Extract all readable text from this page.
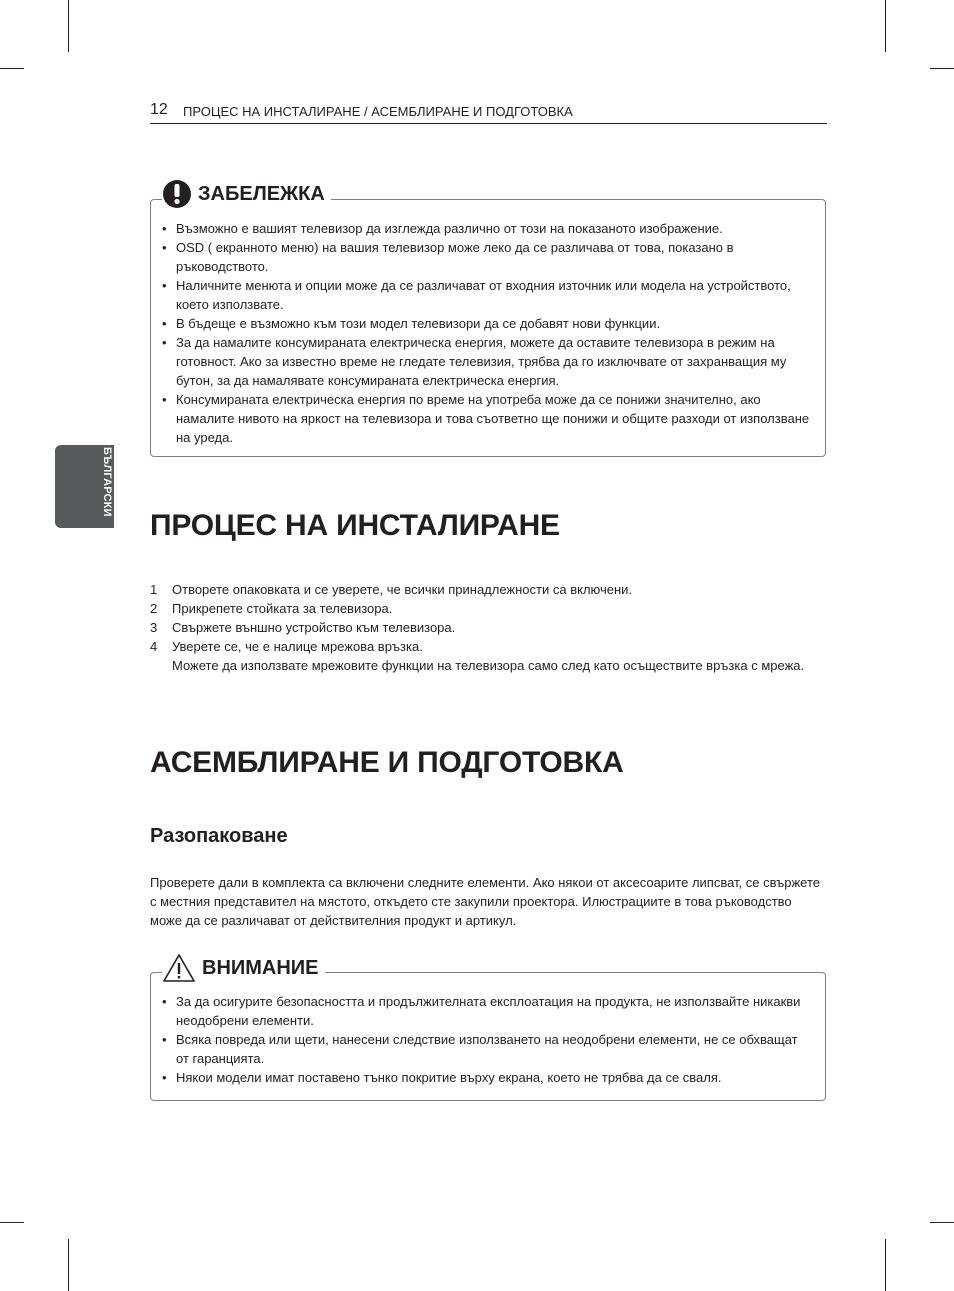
12 ПРОЦЕС НА ИНСТАЛИРАНЕ / АСЕМБЛИРАНЕ И ПОДГОТОВКА
БЪЛГАРСКИ
ЗАБЕЛЕЖКА
• Възможно е вашият телевизор да изглежда различно от този на показаното изображение.
• OSD ( екранното меню) на вашия телевизор може леко да се различава от това, показано в ръководството.
• Наличните менюта и опции може да се различават от входния източник или модела на устройството, което използвате.
• В бъдеще е възможно към този модел телевизори да се добавят нови функции.
• За да намалите консумираната електрическа енергия, можете да оставите телевизора в режим на готовност. Ако за известно време не гледате телевизия, трябва да го изключвате от захранващия му бутон, за да намалявате консумираната електрическа енергия.
• Консумираната електрическа енергия по време на употреба може да се понижи значително, ако намалите нивото на яркост на телевизора и това съответно ще понижи и общите разходи от използване на уреда.
ПРОЦЕС НА ИНСТАЛИРАНЕ
1 Отворете опаковката и се уверете, че всички принадлежности са включени.
2 Прикрепете стойката за телевизора.
3 Свържете външно устройство към телевизора.
4 Уверете се, че е налице мрежова връзка.
Можете да използвате мрежовите функции на телевизора само след като осъществите връзка с мрежа.
АСЕМБЛИРАНЕ И ПОДГОТОВКА
Разопаковане

Проверете дали в комплекта са включени следните елементи. Ако някои от аксесоарите липсват, се свържете с местния представител на мястото, откъдето сте закупили проектора. Илюстрациите в това ръководство може да се различават от действителния продукт и артикул.

ВНИМАНИЕ
• За да осигурите безопасността и продължителната експлоатация на продукта, не използвайте никакви неодобрени елементи.
• Всяка повреда или щети, нанесени следствие използването на неодобрени елементи, не се обхващат от гаранцията.
• Някои модели имат поставено тънко покритие върху екрана, което не трябва да се сваля.
